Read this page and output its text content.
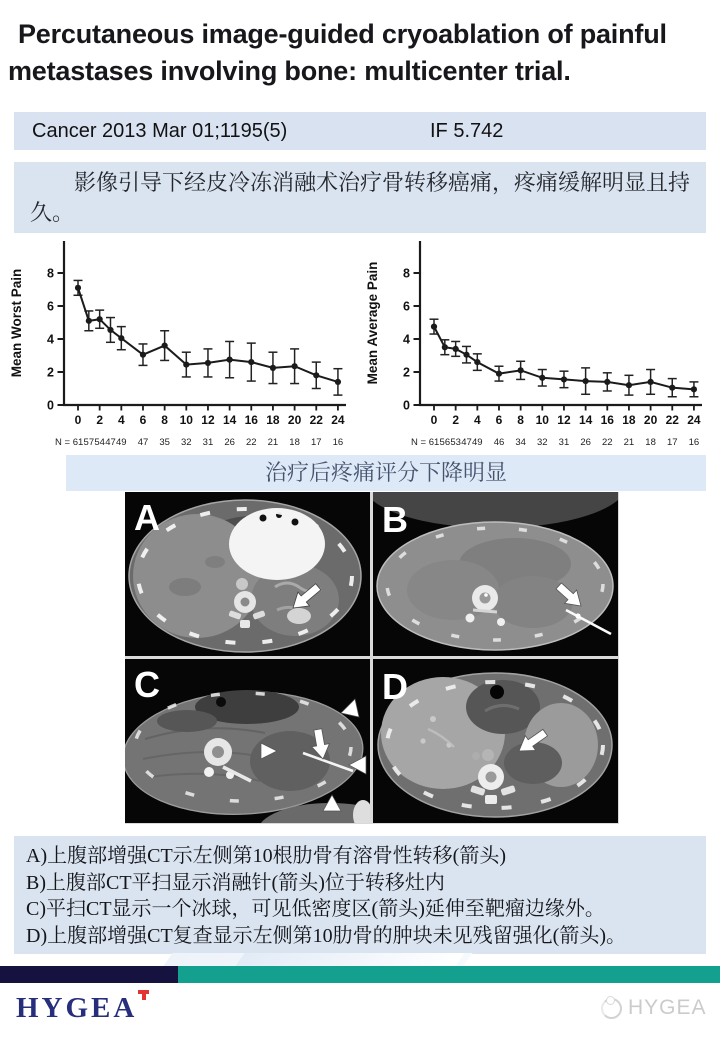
Percutaneous image-guided cryoablation of painful
metastases involving bone: multicenter trial.
Cancer 2013 Mar 01;1195(5)	IF 5.742
影像引导下经皮冷冻消融术治疗骨转移癌痛，疼痛缓解明显且持久。
0
2
4
6
8
0 2 4 6 8 10 12 14 16 18 20 22 24
N = 61 57 54 47 49 47 35 32 31 26 22 21 18 17 16
Mean Worst Pain
0
2
4
6
8
0 2 4 6 8 10 12 14 16 18 20 22 24
N = 61 56 53 47 49 46 34 32 31 26 22 21 18 17 16
Mean Average Pain
治疗后疼痛评分下降明显
A	B
C	D
A)上腹部增强CT示左侧第10根肋骨有溶骨性转移(箭头)
B)上腹部CT平扫显示消融针(箭头)位于转移灶内
C)平扫CT显示一个冰球，可见低密度区(箭头)延伸至靶瘤边缘外。
D)上腹部增强CT复查显示左侧第10肋骨的肿块未见残留强化(箭头)。
HYGEA	HYGEA
